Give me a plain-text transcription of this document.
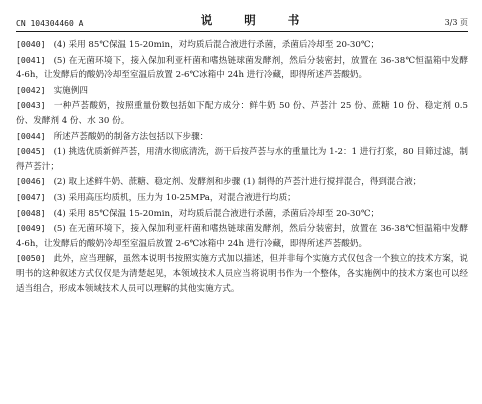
CN 104304460 A	说 明 书	3/3 页

[0040] (4) 采用 85℃保温 15-20min，对均质后混合液进行杀菌，杀菌后冷却至 20-30℃；

[0041] (5) 在无菌环境下，接入保加利亚杆菌和嗜热链球菌发酵剂，然后分装密封，放置在 36-38℃恒温箱中发酵 4-6h，让发酵后的酸奶冷却至室温后放置 2-6℃冰箱中 24h 进行冷藏，即得所述芦荟酸奶。

[0042] 实施例四

[0043] 一种芦荟酸奶，按照重量份数包括如下配方成分：鲜牛奶 50 份、芦荟汁 25 份、蔗糖 10 份、稳定剂 0.5 份、发酵剂 4 份、水 30 份。

[0044] 所述芦荟酸奶的制备方法包括以下步骤：

[0045] (1) 挑选优质新鲜芦荟，用清水彻底清洗，沥干后按芦荟与水的重量比为 1-2：1 进行打浆，80 目筛过滤，制得芦荟汁；

[0046] (2) 取上述鲜牛奶、蔗糖、稳定剂、发酵剂和步骤 (1) 制得的芦荟汁进行搅拌混合，得到混合液；

[0047] (3) 采用高压均质机，压力为 10-25MPa，对混合液进行均质；

[0048] (4) 采用 85℃保温 15-20min，对均质后混合液进行杀菌，杀菌后冷却至 20-30℃；

[0049] (5) 在无菌环境下，接入保加利亚杆菌和嗜热链球菌发酵剂，然后分装密封，放置在 36-38℃恒温箱中发酵 4-6h，让发酵后的酸奶冷却至室温后放置 2-6℃冰箱中 24h 进行冷藏，即得所述芦荟酸奶。

[0050] 此外，应当理解，虽然本说明书按照实施方式加以描述，但并非每个实施方式仅包含一个独立的技术方案，说明书的这种叙述方式仅仅是为清楚起见，本领域技术人员应当将说明书作为一个整体，各实施例中的技术方案也可以经适当组合，形成本领域技术人员可以理解的其他实施方式。
